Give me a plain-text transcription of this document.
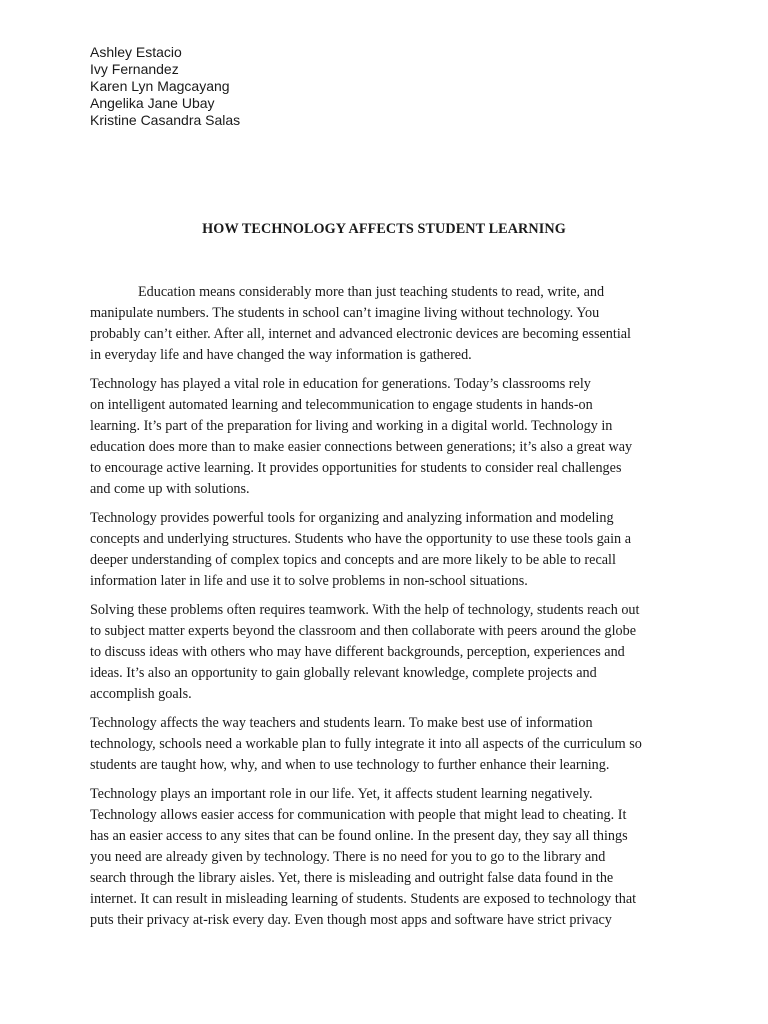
Ashley Estacio
Ivy Fernandez
Karen Lyn Magcayang
Angelika Jane Ubay
Kristine Casandra Salas
HOW TECHNOLOGY AFFECTS STUDENT LEARNING

Education means considerably more than just teaching students to read, write, and
manipulate numbers. The students in school can’t imagine living without technology. You
probably can’t either. After all, internet and advanced electronic devices are becoming essential
in everyday life and have changed the way information is gathered.

Technology has played a vital role in education for generations. Today’s classrooms rely
on intelligent automated learning and telecommunication to engage students in hands-on
learning. It’s part of the preparation for living and working in a digital world. Technology in
education does more than to make easier connections between generations; it’s also a great way
to encourage active learning. It provides opportunities for students to consider real challenges
and come up with solutions.

Technology provides powerful tools for organizing and analyzing information and modeling
concepts and underlying structures. Students who have the opportunity to use these tools gain a
deeper understanding of complex topics and concepts and are more likely to be able to recall
information later in life and use it to solve problems in non-school situations.

Solving these problems often requires teamwork. With the help of technology, students reach out
to subject matter experts beyond the classroom and then collaborate with peers around the globe
to discuss ideas with others who may have different backgrounds, perception, experiences and
ideas. It’s also an opportunity to gain globally relevant knowledge, complete projects and
accomplish goals.

Technology affects the way teachers and students learn. To make best use of information
technology, schools need a workable plan to fully integrate it into all aspects of the curriculum so
students are taught how, why, and when to use technology to further enhance their learning.

Technology plays an important role in our life. Yet, it affects student learning negatively.
Technology allows easier access for communication with people that might lead to cheating. It
has an easier access to any sites that can be found online. In the present day, they say all things
you need are already given by technology. There is no need for you to go to the library and
search through the library aisles. Yet, there is misleading and outright false data found in the
internet. It can result in misleading learning of students. Students are exposed to technology that
puts their privacy at-risk every day. Even though most apps and software have strict privacy
